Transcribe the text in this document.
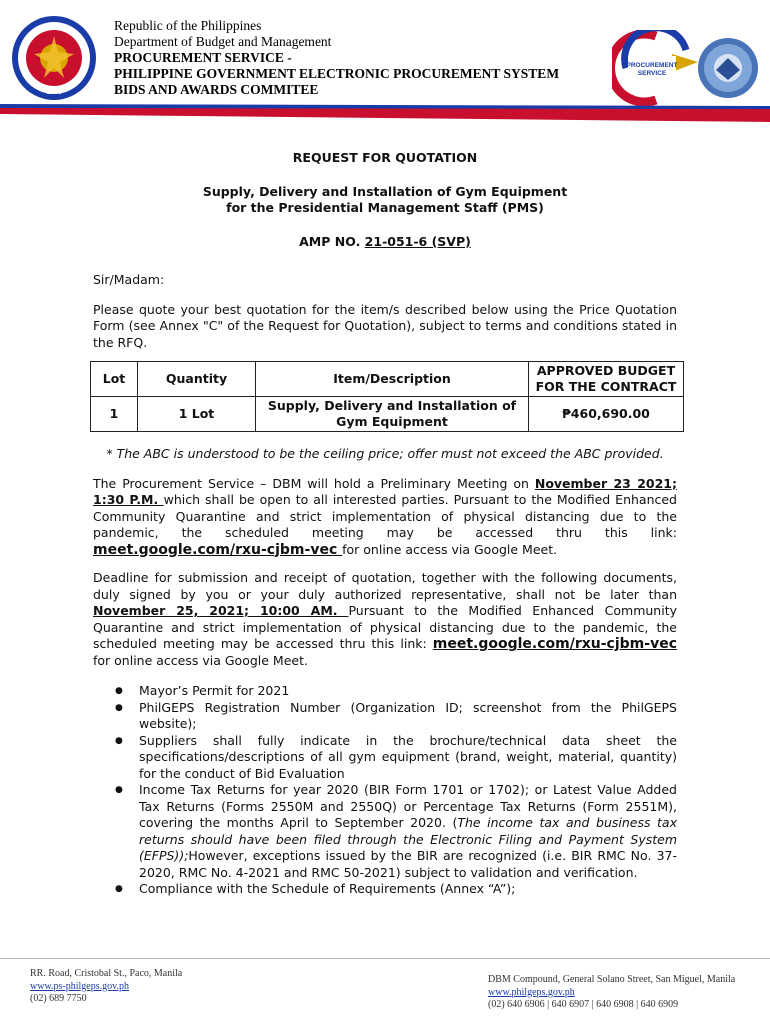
1936
Republic of the Philippines
Department of Budget and Management
PROCUREMENT SERVICE -
PHILIPPINE GOVERNMENT ELECTRONIC PROCUREMENT SYSTEM
BIDS AND AWARDS COMMITEE
PROCUREMENT
SERVICE

REQUEST FOR QUOTATION

Supply, Delivery and Installation of Gym Equipment

for the Presidential Management Staff (PMS)

AMP NO. 21-051-6 (SVP)

Sir/Madam:

Please quote your best quotation for the item/s described below using the Price Quotation Form (see Annex "C" of the Request for Quotation), subject to terms and conditions stated in the RFQ.

Lot	Quantity	Item/Description	APPROVED BUDGET FOR THE CONTRACT
1	1 Lot	Supply, Delivery and Installation of Gym Equipment	₱460,690.00

* The ABC is understood to be the ceiling price; offer must not exceed the ABC provided.

The Procurement Service – DBM will hold a Preliminary Meeting on November 23 2021; 1:30 P.M. which shall be open to all interested parties. Pursuant to the Modified Enhanced Community Quarantine and strict implementation of physical distancing due to the pandemic, the scheduled meeting may be accessed thru this link: meet.google.com/rxu-cjbm-vec for online access via Google Meet.

Deadline for submission and receipt of quotation, together with the following documents, duly signed by you or your duly authorized representative, shall not be later than November 25, 2021; 10:00 AM. Pursuant to the Modified Enhanced Community Quarantine and strict implementation of physical distancing due to the pandemic, the scheduled meeting may be accessed thru this link: meet.google.com/rxu-cjbm-vec for online access via Google Meet.

● Mayor’s Permit for 2021
● PhilGEPS Registration Number (Organization ID; screenshot from the PhilGEPS website);
● Suppliers shall fully indicate in the brochure/technical data sheet the specifications/descriptions of all gym equipment (brand, weight, material, quantity) for the conduct of Bid Evaluation
● Income Tax Returns for year 2020 (BIR Form 1701 or 1702); or Latest Value Added Tax Returns (Forms 2550M and 2550Q) or Percentage Tax Returns (Form 2551M), covering the months April to September 2020. (The income tax and business tax returns should have been filed through the Electronic Filing and Payment System (EFPS));However, exceptions issued by the BIR are recognized (i.e. BIR RMC No. 37-2020, RMC No. 4-2021 and RMC 50-2021) subject to validation and verification.
● Compliance with the Schedule of Requirements (Annex “A”);
RR. Road, Cristobal St., Paco, Manila
www.ps-philgeps.gov.ph
(02) 689 7750
DBM Compound, General Solano Street, San Miguel, Manila
www.philgeps.gov.ph
(02) 640 6906 | 640 6907 | 640 6908 | 640 6909
